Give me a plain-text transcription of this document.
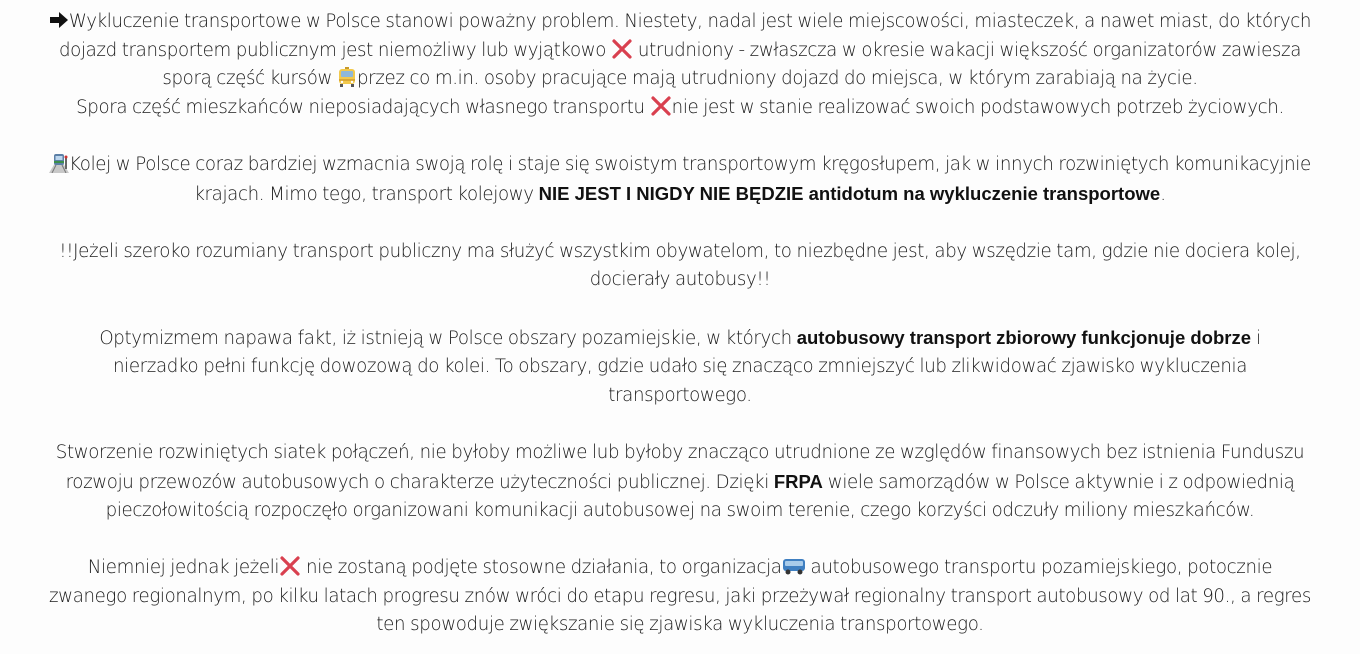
Wykluczenie transportowe w Polsce stanowi poważny problem. Niestety, nadal jest wiele miejscowości, miasteczek, a nawet miast, do których
dojazd transportem publicznym jest niemożliwy lub wyjątkowo  utrudniony - zwłaszcza w okresie wakacji większość organizatorów zawiesza
sporą część kursów przez co m.in. osoby pracujące mają utrudniony dojazd do miejsca, w którym zarabiają na życie.
Spora część mieszkańców nieposiadających własnego transportu nie jest w stanie realizować swoich podstawowych potrzeb życiowych.

Kolej w Polsce coraz bardziej wzmacnia swoją rolę i staje się swoistym transportowym kręgosłupem, jak w innych rozwiniętych komunikacyjnie
krajach. Mimo tego, transport kolejowy NIE JEST I NIGDY NIE BĘDZIE antidotum na wykluczenie transportowe.

!!Jeżeli szeroko rozumiany transport publiczny ma służyć wszystkim obywatelom, to niezbędne jest, aby wszędzie tam, gdzie nie dociera kolej,
docierały autobusy!!

Optymizmem napawa fakt, iż istnieją w Polsce obszary pozamiejskie, w których autobusowy transport zbiorowy funkcjonuje dobrze i
nierzadko pełni funkcję dowozową do kolei. To obszary, gdzie udało się znacząco zmniejszyć lub zlikwidować zjawisko wykluczenia
transportowego.

Stworzenie rozwiniętych siatek połączeń, nie byłoby możliwe lub byłoby znacząco utrudnione ze względów finansowych bez istnienia Funduszu
rozwoju przewozów autobusowych o charakterze użyteczności publicznej. Dzięki FRPA wiele samorządów w Polsce aktywnie i z odpowiednią
pieczołowitością rozpoczęło organizowani komunikacji autobusowej na swoim terenie, czego korzyści odczuły miliony mieszkańców.

Niemniej jednak jeżeli nie zostaną podjęte stosowne działania, to organizacja autobusowego transportu pozamiejskiego, potocznie
zwanego regionalnym, po kilku latach progresu znów wróci do etapu regresu, jaki przeżywał regionalny transport autobusowy od lat 90., a regres
ten spowoduje zwiększanie się zjawiska wykluczenia transportowego.
